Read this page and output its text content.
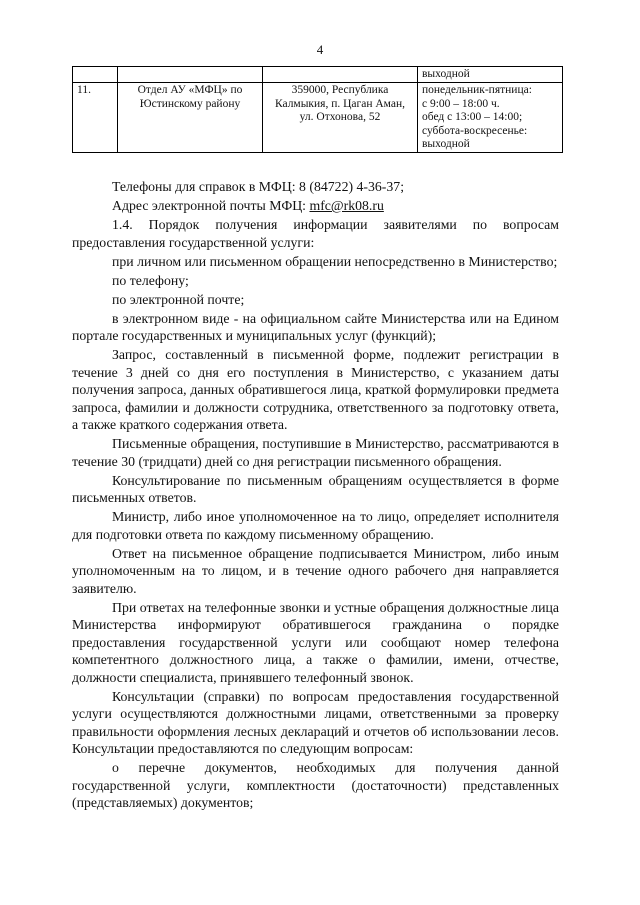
4
			выходной
11.	Отдел АУ «МФЦ» по Юстинскому району	359000, Республика Калмыкия, п. Цаган Аман, ул. Отхонова, 52	понедельник-пятница:
с 9:00 – 18:00 ч.
обед с 13:00 – 14:00;
суббота-воскресенье:
выходной

Телефоны для справок в МФЦ: 8 (84722) 4-36-37;

Адрес электронной почты МФЦ: mfc@rk08.ru

1.4. Порядок получения информации заявителями по вопросам предоставления государственной услуги:

при личном или письменном обращении непосредственно в Министерство;

по телефону;

по электронной почте;

в электронном виде - на официальном сайте Министерства или на Едином портале государственных и муниципальных услуг (функций);

Запрос, составленный в письменной форме, подлежит регистрации в течение 3 дней со дня его поступления в Министерство, с указанием даты получения запроса, данных обратившегося лица, краткой формулировки предмета запроса, фамилии и должности сотрудника, ответственного за подготовку ответа, а также краткого содержания ответа.

Письменные обращения, поступившие в Министерство, рассматриваются в течение 30 (тридцати) дней со дня регистрации письменного обращения.

Консультирование по письменным обращениям осуществляется в форме письменных ответов.

Министр, либо иное уполномоченное на то лицо, определяет исполнителя для подготовки ответа по каждому письменному обращению.

Ответ на письменное обращение подписывается Министром, либо иным уполномоченным на то лицом, и в течение одного рабочего дня направляется заявителю.

При ответах на телефонные звонки и устные обращения должностные лица Министерства информируют обратившегося гражданина о порядке предоставления государственной услуги или сообщают номер телефона компетентного должностного лица, а также о фамилии, имени, отчестве, должности специалиста, принявшего телефонный звонок.

Консультации (справки) по вопросам предоставления государственной услуги осуществляются должностными лицами, ответственными за проверку правильности оформления лесных деклараций и отчетов об использовании лесов. Консультации предоставляются по следующим вопросам:

о перечне документов, необходимых для получения данной государственной услуги, комплектности (достаточности) представленных (представляемых) документов;
